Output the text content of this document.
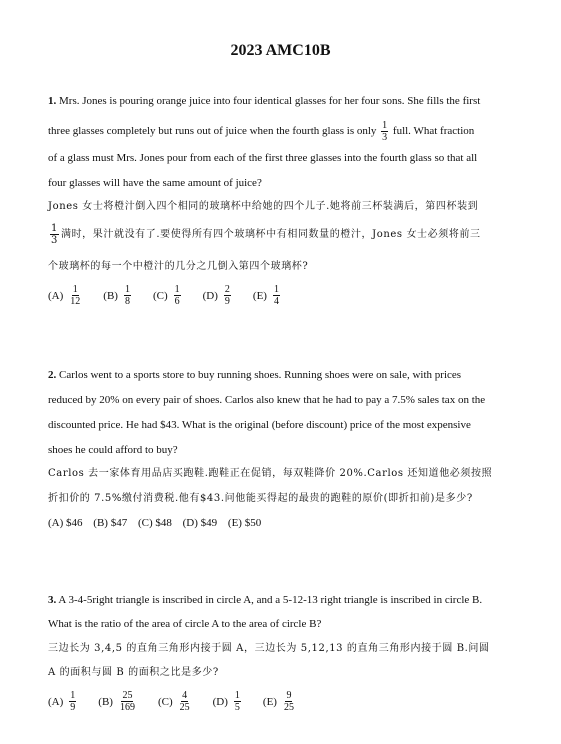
2023 AMC10B
1. Mrs. Jones is pouring orange juice into four identical glasses for her four sons. She fills the first
three glasses completely but runs out of juice when the fourth glass is only $\frac{1}{3}$ full. What fraction
of a glass must Mrs. Jones pour from each of the first three glasses into the fourth glass so that all
four glasses will have the same amount of juice?
Jones 女士将橙汁倒入四个相同的玻璃杯中给她的四个儿子.她将前三杯装满后，第四杯装到
$\frac{1}{3}$ 满时，果汁就没有了.要使得所有四个玻璃杯中有相同数量的橙汁，Jones 女士必须将前三
个玻璃杯的每一个中橙汁的几分之几倒入第四个玻璃杯?
$(A) \frac{1}{12} (B) \frac{1}{8} (C) \frac{1}{6} (D) \frac{2}{9} (E) \frac{1}{4}$
2. Carlos went to a sports store to buy running shoes. Running shoes were on sale, with prices
reduced by 20% on every pair of shoes. Carlos also knew that he had to pay a 7.5% sales tax on the
discounted price. He had $43. What is the original (before discount) price of the most expensive
shoes he could afford to buy?
Carlos 去一家体育用品店买跑鞋.跑鞋正在促销，每双鞋降价 20%.Carlos 还知道他必须按照
折扣价的 7.5%缴付消费税.他有$43.问他能买得起的最贵的跑鞋的原价(即折扣前)是多少?
(A) $46 (B) $47 (C) $48 (D) $49 (E) $50
3. A 3-4-5right triangle is inscribed in circle A, and a 5-12-13 right triangle is inscribed in circle B.
What is the ratio of the area of circle A to the area of circle B?
三边长为 3,4,5 的直角三角形内接于圆 A，三边长为 5,12,13 的直角三角形内接于圆 B.问圆
A 的面积与圆 B 的面积之比是多少?
$(A) \frac{1}{9} (B) \frac{25}{169} (C) \frac{4}{25} (D) \frac{1}{5} (E) \frac{9}{25}$
